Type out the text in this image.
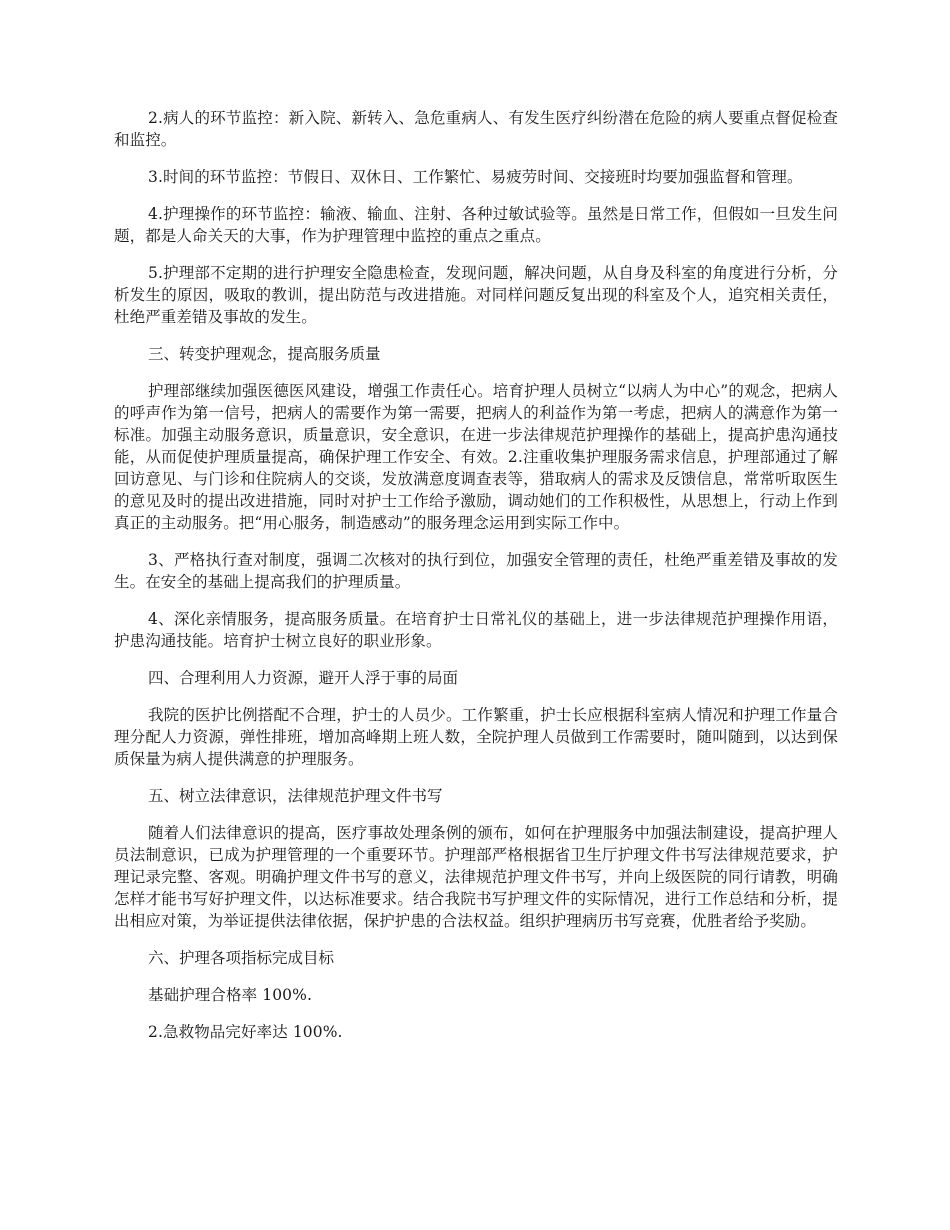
2.病人的环节监控：新入院、新转入、急危重病人、有发生医疗纠纷潜在危险的病人要重点督促检查和监控。

3.时间的环节监控：节假日、双休日、工作繁忙、易疲劳时间、交接班时均要加强监督和管理。

4.护理操作的环节监控：输液、输血、注射、各种过敏试验等。虽然是日常工作，但假如一旦发生问题，都是人命关天的大事，作为护理管理中监控的重点之重点。

5.护理部不定期的进行护理安全隐患检查，发现问题，解决问题，从自身及科室的角度进行分析，分析发生的原因，吸取的教训，提出防范与改进措施。对同样问题反复出现的科室及个人，追究相关责任，杜绝严重差错及事故的发生。

三、转变护理观念，提高服务质量

护理部继续加强医德医风建设，增强工作责任心。培育护理人员树立“以病人为中心”的观念，把病人的呼声作为第一信号，把病人的需要作为第一需要，把病人的利益作为第一考虑，把病人的满意作为第一标准。加强主动服务意识，质量意识，安全意识，在进一步法律规范护理操作的基础上，提高护患沟通技能，从而促使护理质量提高，确保护理工作安全、有效。2.注重收集护理服务需求信息，护理部通过了解回访意见、与门诊和住院病人的交谈，发放满意度调查表等，猎取病人的需求及反馈信息，常常听取医生的意见及时的提出改进措施，同时对护士工作给予激励，调动她们的工作积极性，从思想上，行动上作到真正的主动服务。把“用心服务，制造感动”的服务理念运用到实际工作中。

3、严格执行查对制度，强调二次核对的执行到位，加强安全管理的责任，杜绝严重差错及事故的发生。在安全的基础上提高我们的护理质量。

4、深化亲情服务，提高服务质量。在培育护士日常礼仪的基础上，进一步法律规范护理操作用语，护患沟通技能。培育护士树立良好的职业形象。

四、合理利用人力资源，避开人浮于事的局面

我院的医护比例搭配不合理，护士的人员少。工作繁重，护士长应根据科室病人情况和护理工作量合理分配人力资源，弹性排班，增加高峰期上班人数，全院护理人员做到工作需要时，随叫随到，以达到保质保量为病人提供满意的护理服务。

五、树立法律意识，法律规范护理文件书写

随着人们法律意识的提高，医疗事故处理条例的颁布，如何在护理服务中加强法制建设，提高护理人员法制意识，已成为护理管理的一个重要环节。护理部严格根据省卫生厅护理文件书写法律规范要求，护理记录完整、客观。明确护理文件书写的意义，法律规范护理文件书写，并向上级医院的同行请教，明确怎样才能书写好护理文件，以达标准要求。结合我院书写护理文件的实际情况，进行工作总结和分析，提出相应对策，为举证提供法律依据，保护护患的合法权益。组织护理病历书写竞赛，优胜者给予奖励。

六、护理各项指标完成目标

基础护理合格率 100%.

2.急救物品完好率达 100%.
